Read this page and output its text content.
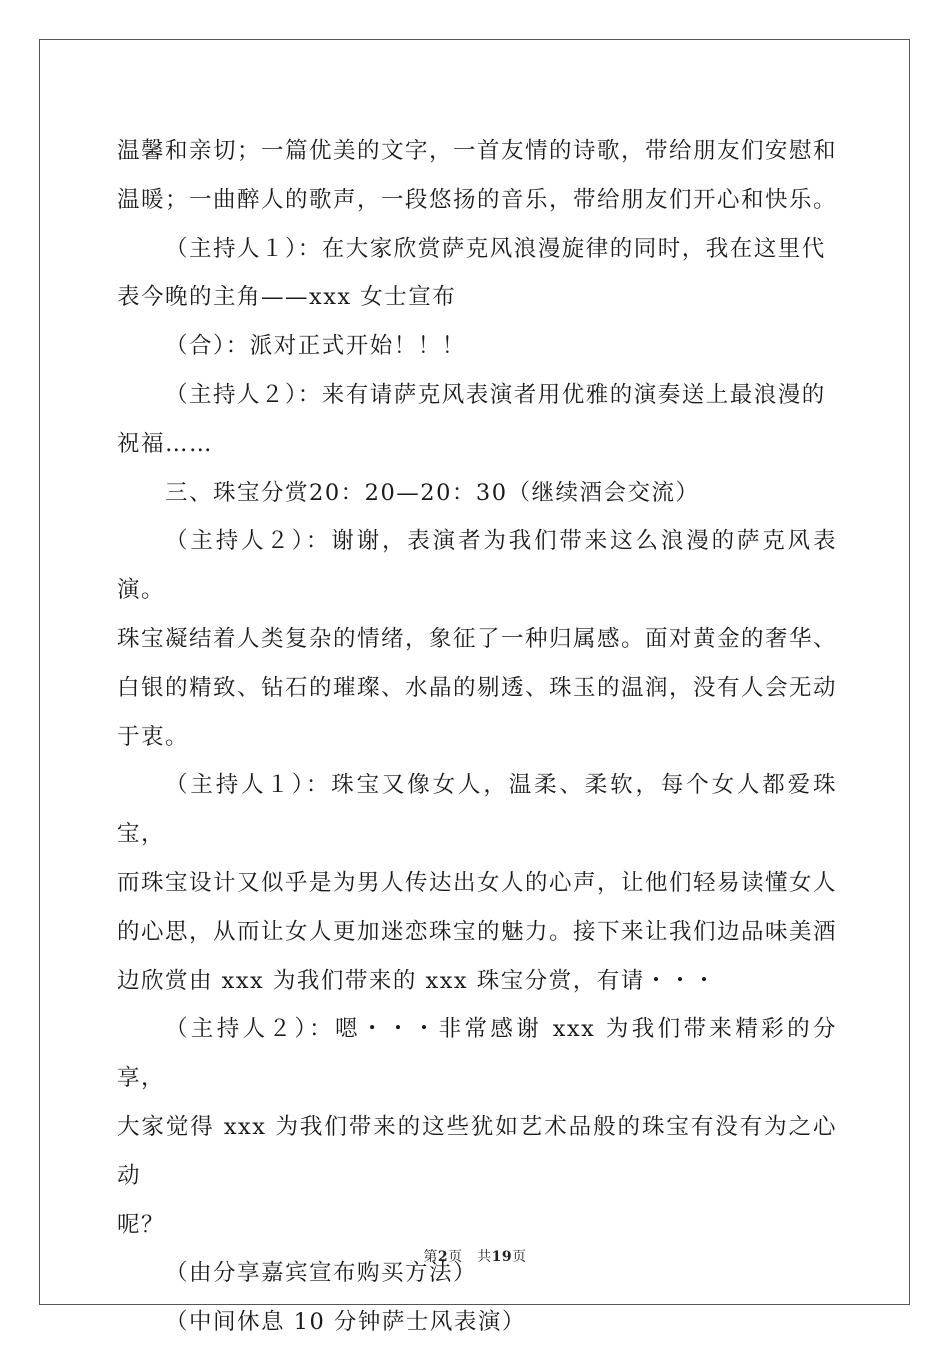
温馨和亲切；一篇优美的文字，一首友情的诗歌，带给朋友们安慰和

温暖；一曲醉人的歌声，一段悠扬的音乐，带给朋友们开心和快乐。

（主持人１）：在大家欣赏萨克风浪漫旋律的同时，我在这里代

表今晚的主角——xxx 女士宣布

（合）：派对正式开始！！！

（主持人２）：来有请萨克风表演者用优雅的演奏送上最浪漫的

祝福……

三、珠宝分赏20：20—20：30（继续酒会交流）

（主持人２）：谢谢，表演者为我们带来这么浪漫的萨克风表演。

珠宝凝结着人类复杂的情绪，象征了一种归属感。面对黄金的奢华、

白银的精致、钻石的璀璨、水晶的剔透、珠玉的温润，没有人会无动

于衷。

（主持人１）：珠宝又像女人，温柔、柔软，每个女人都爱珠宝，

而珠宝设计又似乎是为男人传达出女人的心声，让他们轻易读懂女人

的心思，从而让女人更加迷恋珠宝的魅力。接下来让我们边品味美酒

边欣赏由 xxx 为我们带来的 xxx 珠宝分赏，有请・・・

（主持人２）：嗯・・・非常感谢 xxx 为我们带来精彩的分享，

大家觉得 xxx 为我们带来的这些犹如艺术品般的珠宝有没有为之心动

呢？

（由分享嘉宾宣布购买方法）

（中间休息 10 分钟萨士风表演）

第2页　共19页
